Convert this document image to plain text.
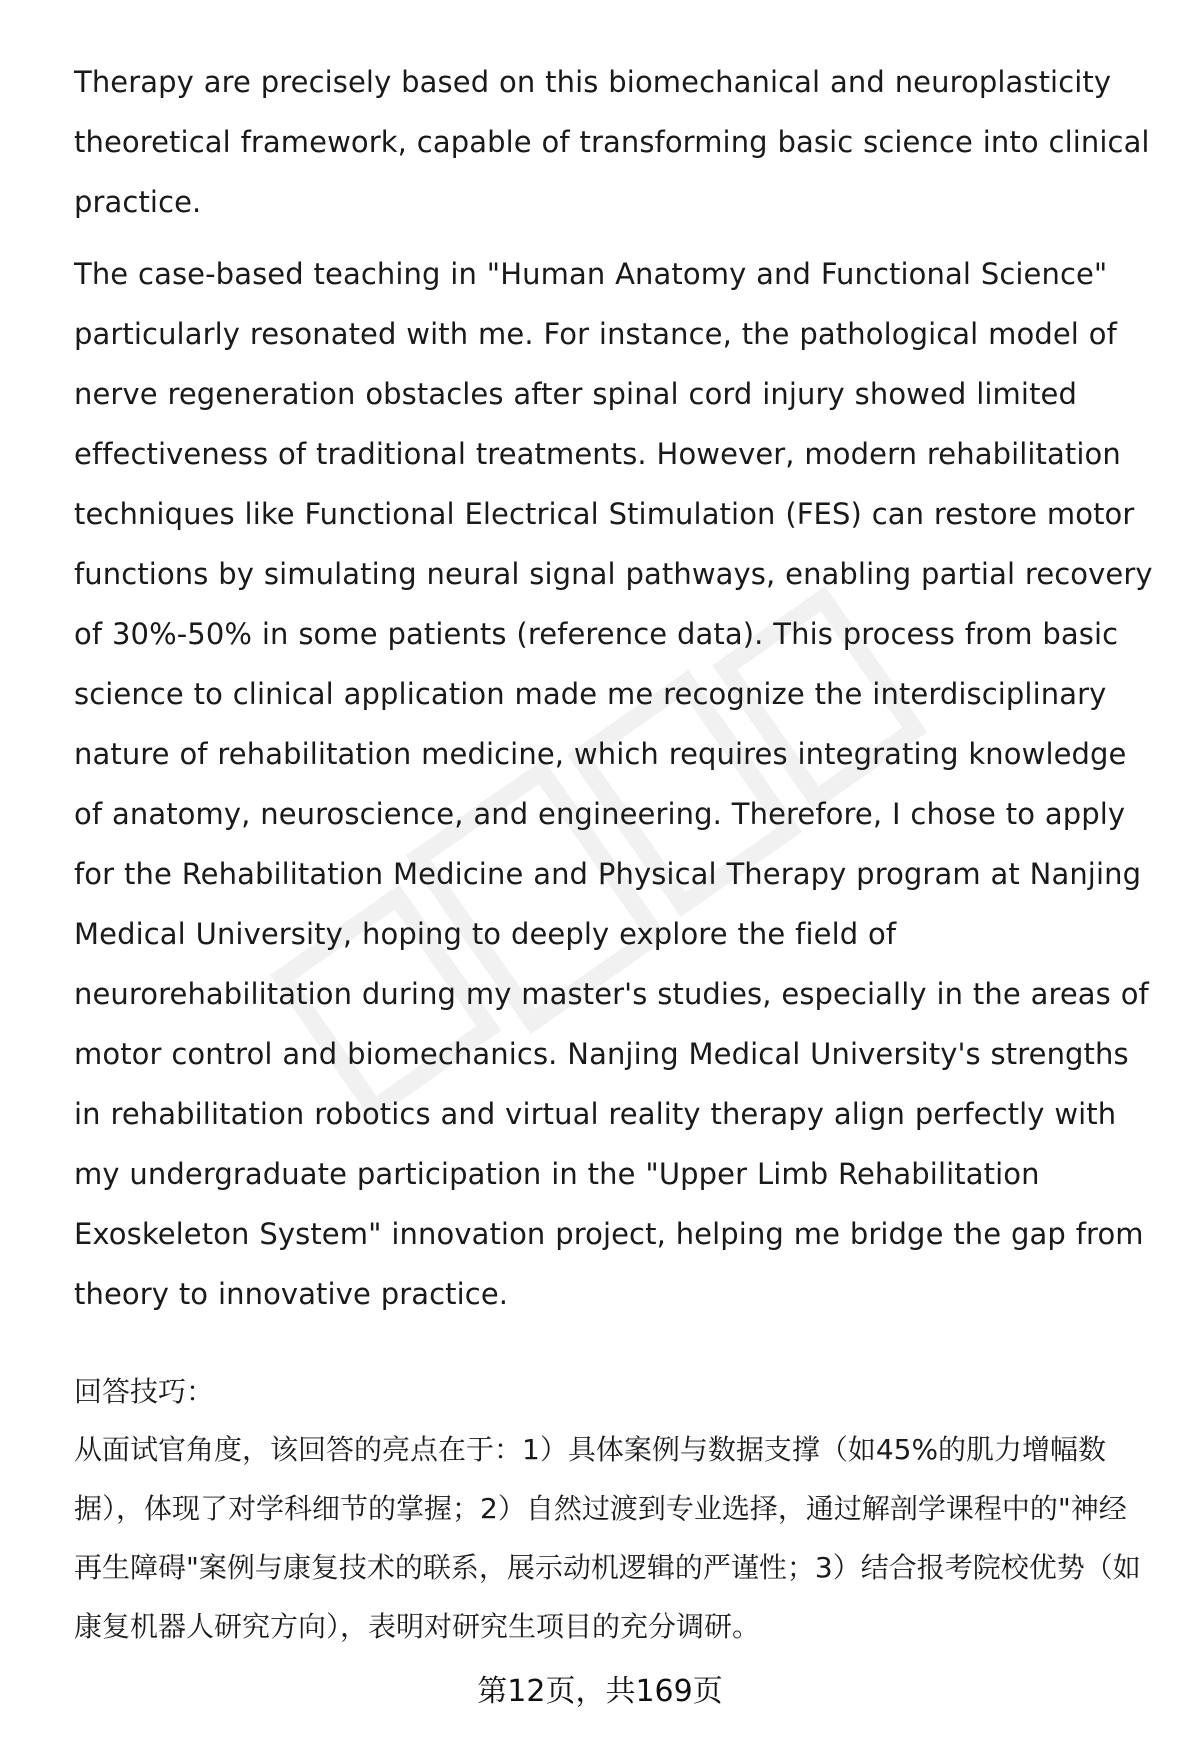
Therapy are precisely based on this biomechanical and neuroplasticity theoretical framework, capable of transforming basic science into clinical practice.

The case-based teaching in "Human Anatomy and Functional Science" particularly resonated with me. For instance, the pathological model of nerve regeneration obstacles after spinal cord injury showed limited effectiveness of traditional treatments. However, modern rehabilitation techniques like Functional Electrical Stimulation (FES) can restore motor functions by simulating neural signal pathways, enabling partial recovery of 30%-50% in some patients (reference data). This process from basic science to clinical application made me recognize the interdisciplinary nature of rehabilitation medicine, which requires integrating knowledge of anatomy, neuroscience, and engineering. Therefore, I chose to apply for the Rehabilitation Medicine and Physical Therapy program at Nanjing Medical University, hoping to deeply explore the field of neurorehabilitation during my master's studies, especially in the areas of motor control and biomechanics. Nanjing Medical University's strengths in rehabilitation robotics and virtual reality therapy align perfectly with my undergraduate participation in the "Upper Limb Rehabilitation Exoskeleton System" innovation project, helping me bridge the gap from theory to innovative practice.

回答技巧：

从面试官角度，该回答的亮点在于：1）具体案例与数据支撑（如45%的肌力增幅数据），体现了对学科细节的掌握；2）自然过渡到专业选择，通过解剖学课程中的"神经再生障碍"案例与康复技术的联系，展示动机逻辑的严谨性；3）结合报考院校优势（如康复机器人研究方向），表明对研究生项目的充分调研。

第12页，共169页
